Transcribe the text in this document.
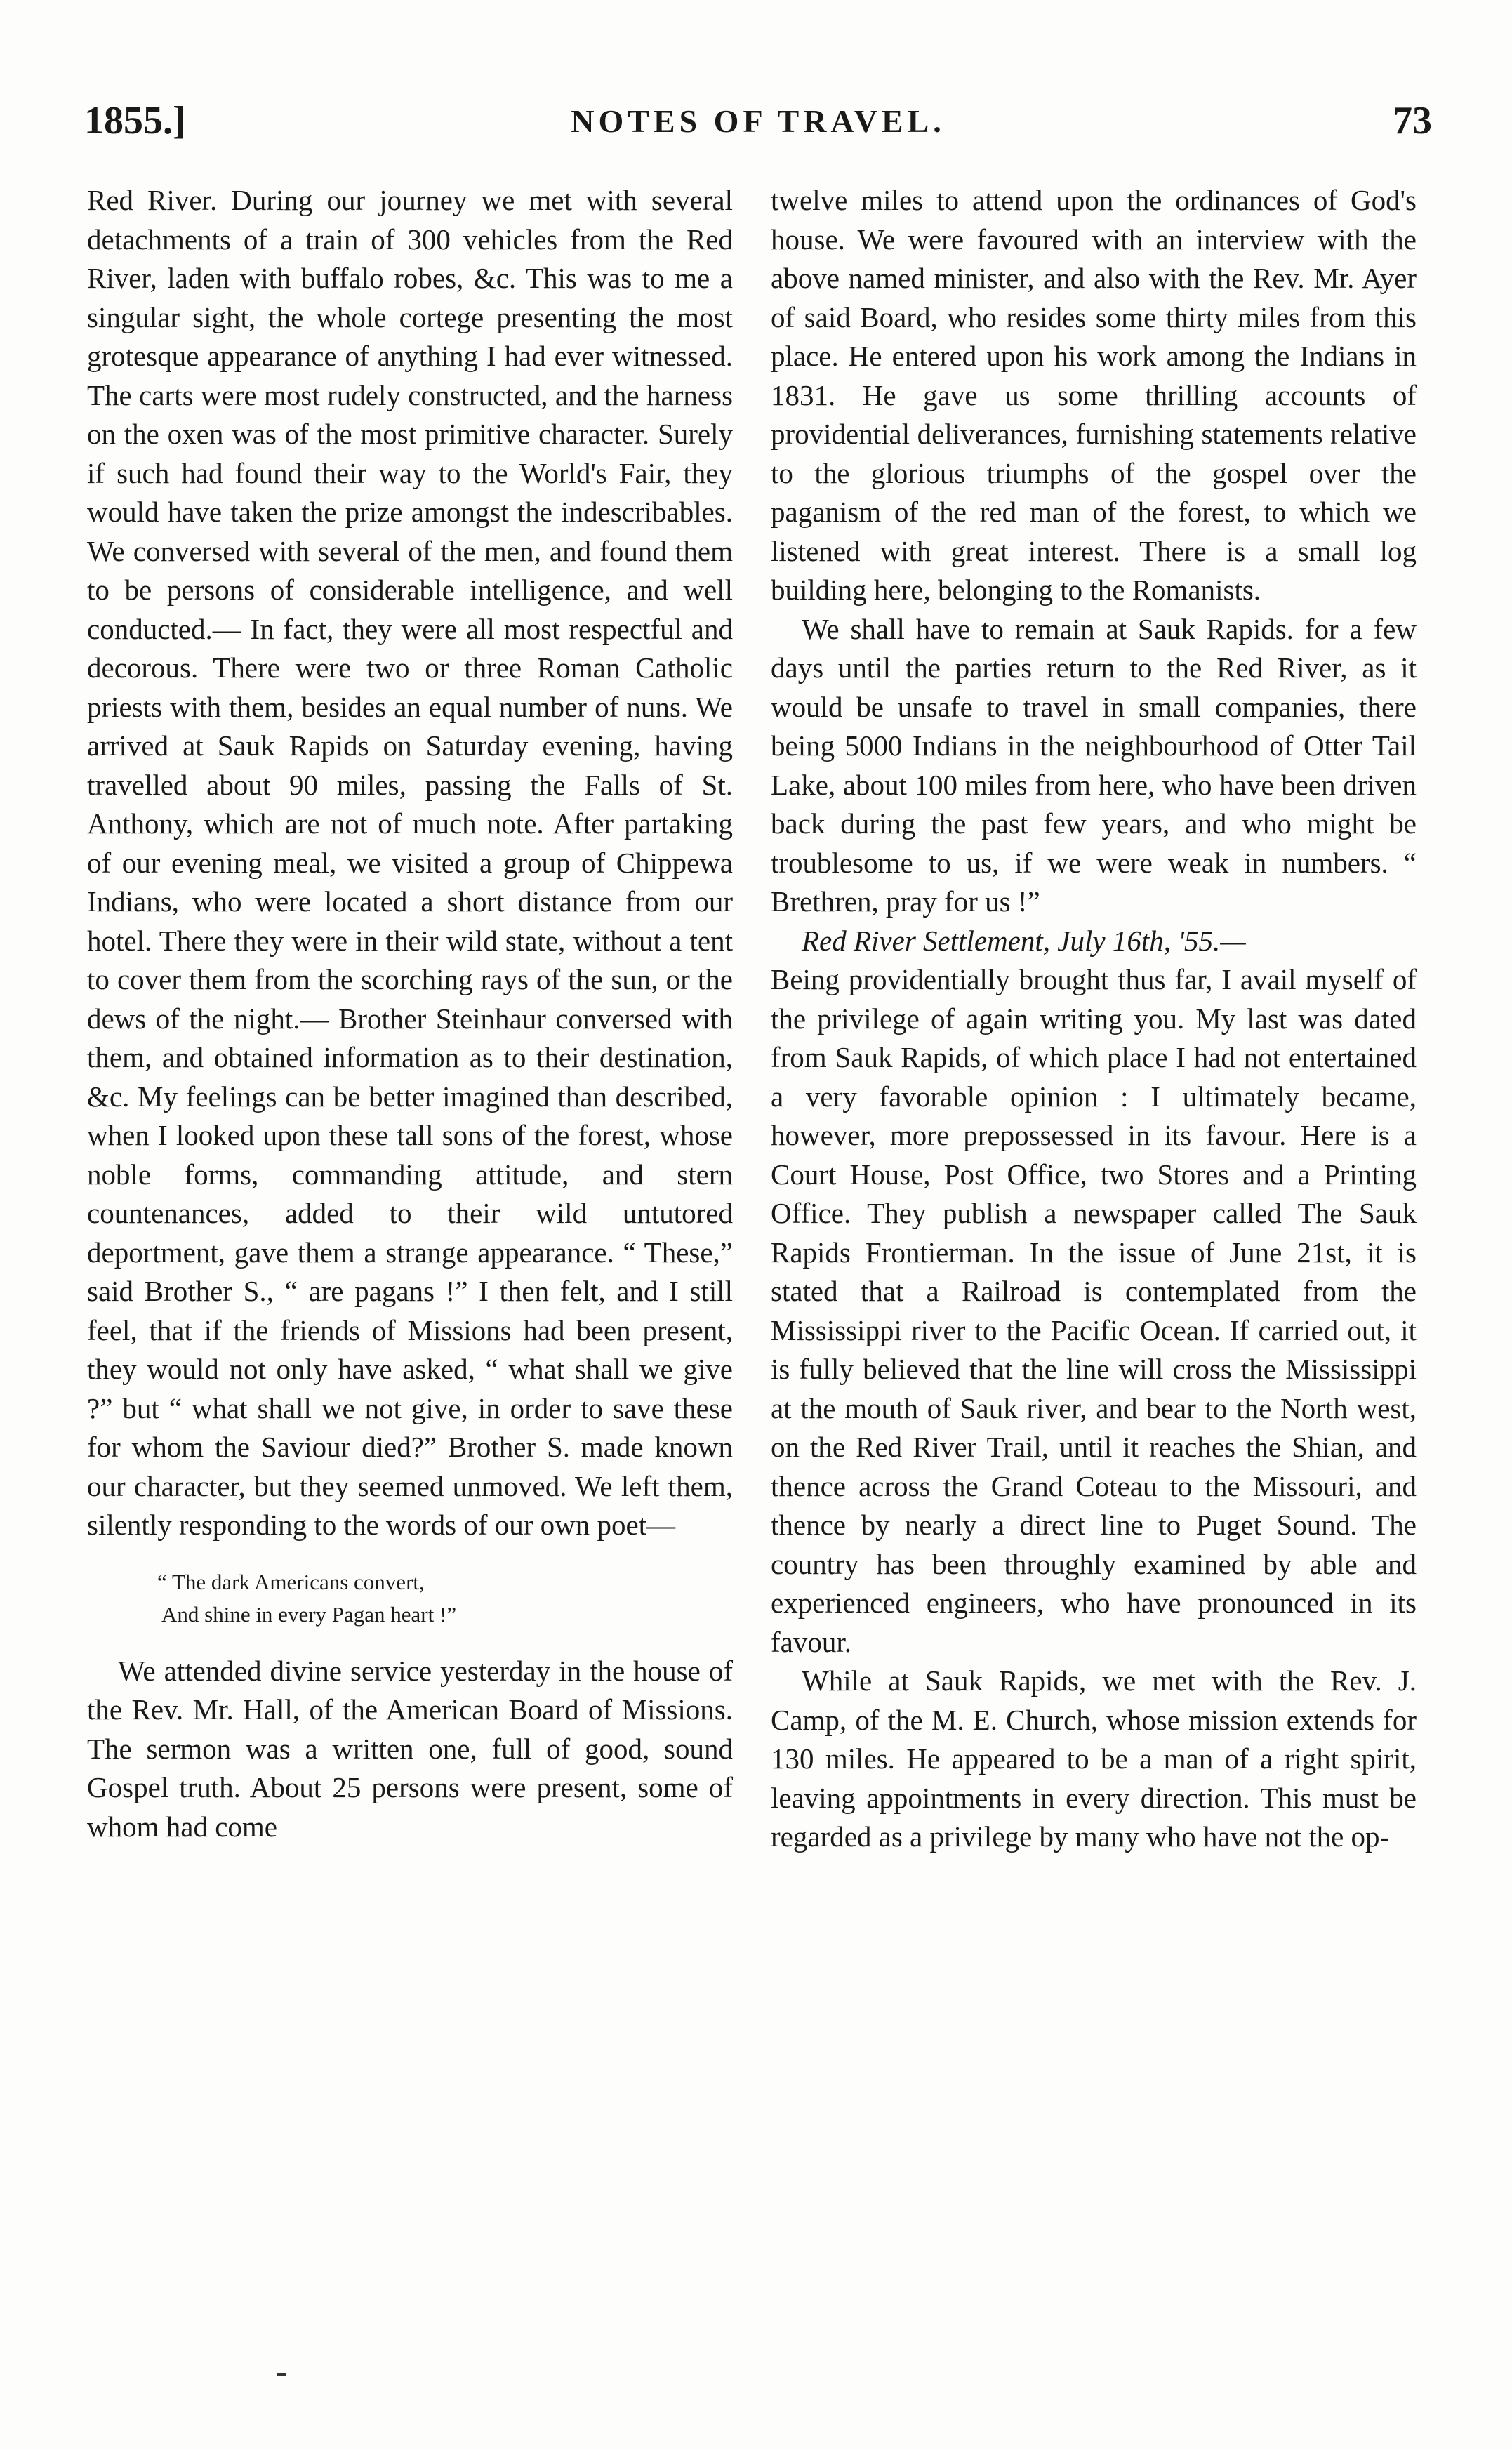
1855.]	NOTES OF TRAVEL.	73

Red River. During our journey we met with several detachments of a train of 300 vehicles from the Red River, laden with buffalo robes, &c. This was to me a singular sight, the whole cortege presenting the most grotesque appearance of anything I had ever witnessed. The carts were most rudely constructed, and the harness on the oxen was of the most primitive character. Surely if such had found their way to the World's Fair, they would have taken the prize amongst the indescribables. We conversed with several of the men, and found them to be persons of considerable intelligence, and well conducted.— In fact, they were all most respectful and decorous. There were two or three Roman Catholic priests with them, besides an equal number of nuns. We arrived at Sauk Rapids on Saturday evening, having travelled about 90 miles, passing the Falls of St. Anthony, which are not of much note. After partaking of our evening meal, we visited a group of Chippewa Indians, who were located a short distance from our hotel. There they were in their wild state, without a tent to cover them from the scorching rays of the sun, or the dews of the night.— Brother Steinhaur conversed with them, and obtained information as to their destination, &c. My feelings can be better imagined than described, when I looked upon these tall sons of the forest, whose noble forms, commanding attitude, and stern countenances, added to their wild untutored deportment, gave them a strange appearance. “ These,” said Brother S., “ are pagans !” I then felt, and I still feel, that if the friends of Missions had been present, they would not only have asked, “ what shall we give ?” but “ what shall we not give, in order to save these for whom the Saviour died?” Brother S. made known our character, but they seemed unmoved. We left them, silently responding to the words of our own poet—

“ The dark Americans convert,
And shine in every Pagan heart !”

We attended divine service yesterday in the house of the Rev. Mr. Hall, of the American Board of Missions. The sermon was a written one, full of good, sound Gospel truth. About 25 persons were present, some of whom had come

twelve miles to attend upon the ordinances of God's house. We were favoured with an interview with the above named minister, and also with the Rev. Mr. Ayer of said Board, who resides some thirty miles from this place. He entered upon his work among the Indians in 1831. He gave us some thrilling accounts of providential deliverances, furnishing statements relative to the glorious triumphs of the gospel over the paganism of the red man of the forest, to which we listened with great interest. There is a small log building here, belonging to the Romanists.

We shall have to remain at Sauk Rapids. for a few days until the parties return to the Red River, as it would be unsafe to travel in small companies, there being 5000 Indians in the neighbourhood of Otter Tail Lake, about 100 miles from here, who have been driven back during the past few years, and who might be troublesome to us, if we were weak in numbers. “ Brethren, pray for us !”

Red River Settlement, July 16th, '55.—

Being providentially brought thus far, I avail myself of the privilege of again writing you. My last was dated from Sauk Rapids, of which place I had not entertained a very favorable opinion : I ultimately became, however, more prepossessed in its favour. Here is a Court House, Post Office, two Stores and a Printing Office. They publish a newspaper called The Sauk Rapids Frontierman. In the issue of June 21st, it is stated that a Railroad is contemplated from the Mississippi river to the Pacific Ocean. If carried out, it is fully believed that the line will cross the Mississippi at the mouth of Sauk river, and bear to the North west, on the Red River Trail, until it reaches the Shian, and thence across the Grand Coteau to the Missouri, and thence by nearly a direct line to Puget Sound. The country has been throughly examined by able and experienced engineers, who have pronounced in its favour.

While at Sauk Rapids, we met with the Rev. J. Camp, of the M. E. Church, whose mission extends for 130 miles. He appeared to be a man of a right spirit, leaving appointments in every direction. This must be regarded as a privilege by many who have not the op-
